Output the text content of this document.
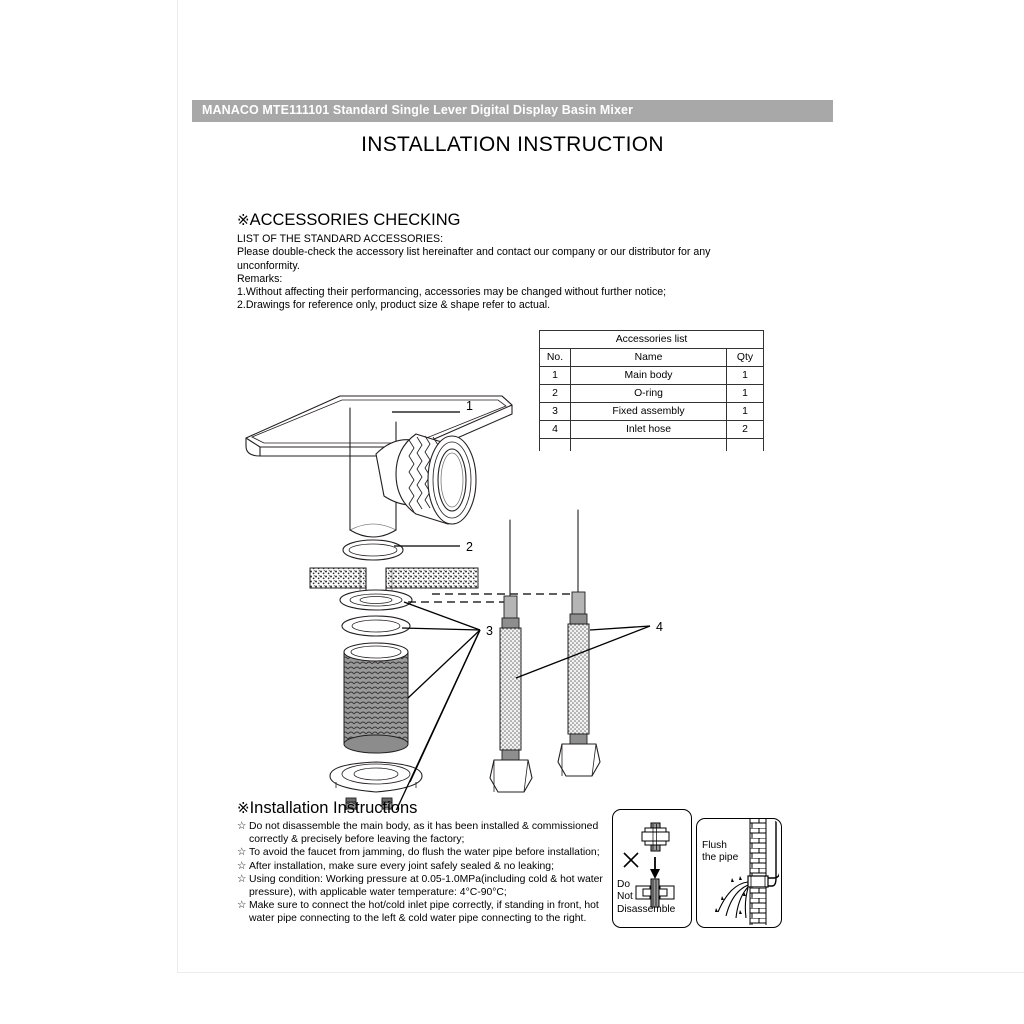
MANACO MTE111101 Standard Single Lever Digital Display Basin Mixer
INSTALLATION INSTRUCTION
※ACCESSORIES CHECKING
LIST OF THE STANDARD ACCESSORIES:
Please double-check the accessory list hereinafter and contact our company or our distributor for any unconformity.
Remarks:
1.Without affecting their performancing, accessories may be changed without further notice;
2.Drawings for reference only, product size & shape refer to actual.
Accessories list		
No.	Name	Qty
1	Main body	1
2	O-ring	1
3	Fixed assembly	1
4	Inlet hose	2

1
2
3	4
※Installation Instructions
☆ Do not disassemble the main body, as it has been installed & commissioned
correctly & precisely before leaving the factory;
☆ To avoid the faucet from jamming, do flush the water pipe before installation;
☆ After installation, make sure every joint safely sealed & no leaking;
☆ Using condition: Working pressure at 0.05-1.0MPa(including cold & hot water
pressure), with applicable water temperature: 4°C-90°C;
☆ Make sure to connect the hot/cold inlet pipe correctly, if standing in front, hot
water pipe connecting to the left & cold water pipe connecting to the right.
Do
Not
Disassemble
Flush
the pipe
